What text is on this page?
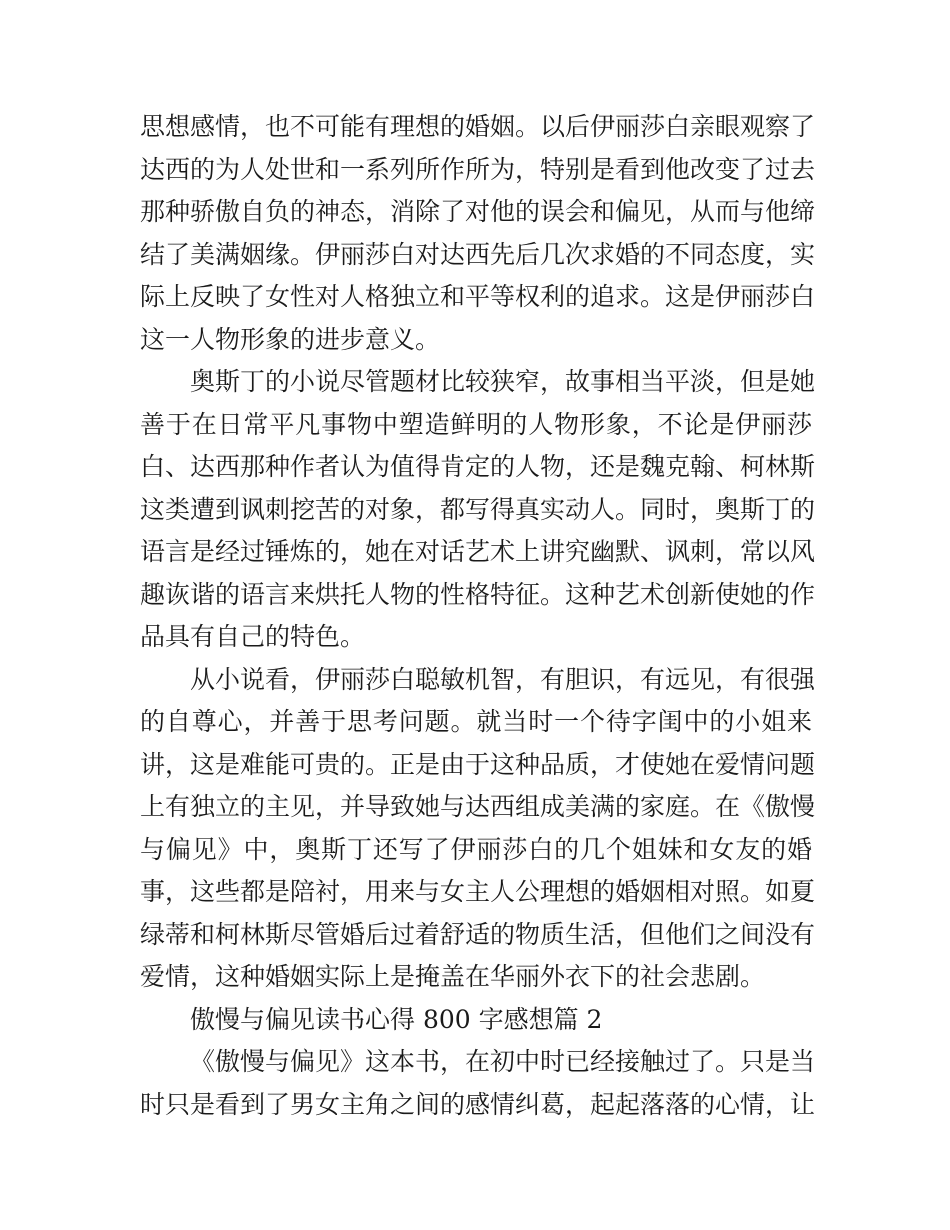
思想感情，也不可能有理想的婚姻。以后伊丽莎白亲眼观察了
达西的为人处世和一系列所作所为，特别是看到他改变了过去
那种骄傲自负的神态，消除了对他的误会和偏见，从而与他缔
结了美满姻缘。伊丽莎白对达西先后几次求婚的不同态度，实
际上反映了女性对人格独立和平等权利的追求。这是伊丽莎白
这一人物形象的进步意义。
奥斯丁的小说尽管题材比较狭窄，故事相当平淡，但是她
善于在日常平凡事物中塑造鲜明的人物形象，不论是伊丽莎
白、达西那种作者认为值得肯定的人物，还是魏克翰、柯林斯
这类遭到讽刺挖苦的对象，都写得真实动人。同时，奥斯丁的
语言是经过锤炼的，她在对话艺术上讲究幽默、讽刺，常以风
趣诙谐的语言来烘托人物的性格特征。这种艺术创新使她的作
品具有自己的特色。
从小说看，伊丽莎白聪敏机智，有胆识，有远见，有很强
的自尊心，并善于思考问题。就当时一个待字闺中的小姐来
讲，这是难能可贵的。正是由于这种品质，才使她在爱情问题
上有独立的主见，并导致她与达西组成美满的家庭。在《傲慢
与偏见》中，奥斯丁还写了伊丽莎白的几个姐妹和女友的婚
事，这些都是陪衬，用来与女主人公理想的婚姻相对照。如夏
绿蒂和柯林斯尽管婚后过着舒适的物质生活，但他们之间没有
爱情，这种婚姻实际上是掩盖在华丽外衣下的社会悲剧。
傲慢与偏见读书心得 800 字感想篇 2
《傲慢与偏见》这本书，在初中时已经接触过了。只是当
时只是看到了男女主角之间的感情纠葛，起起落落的心情，让
